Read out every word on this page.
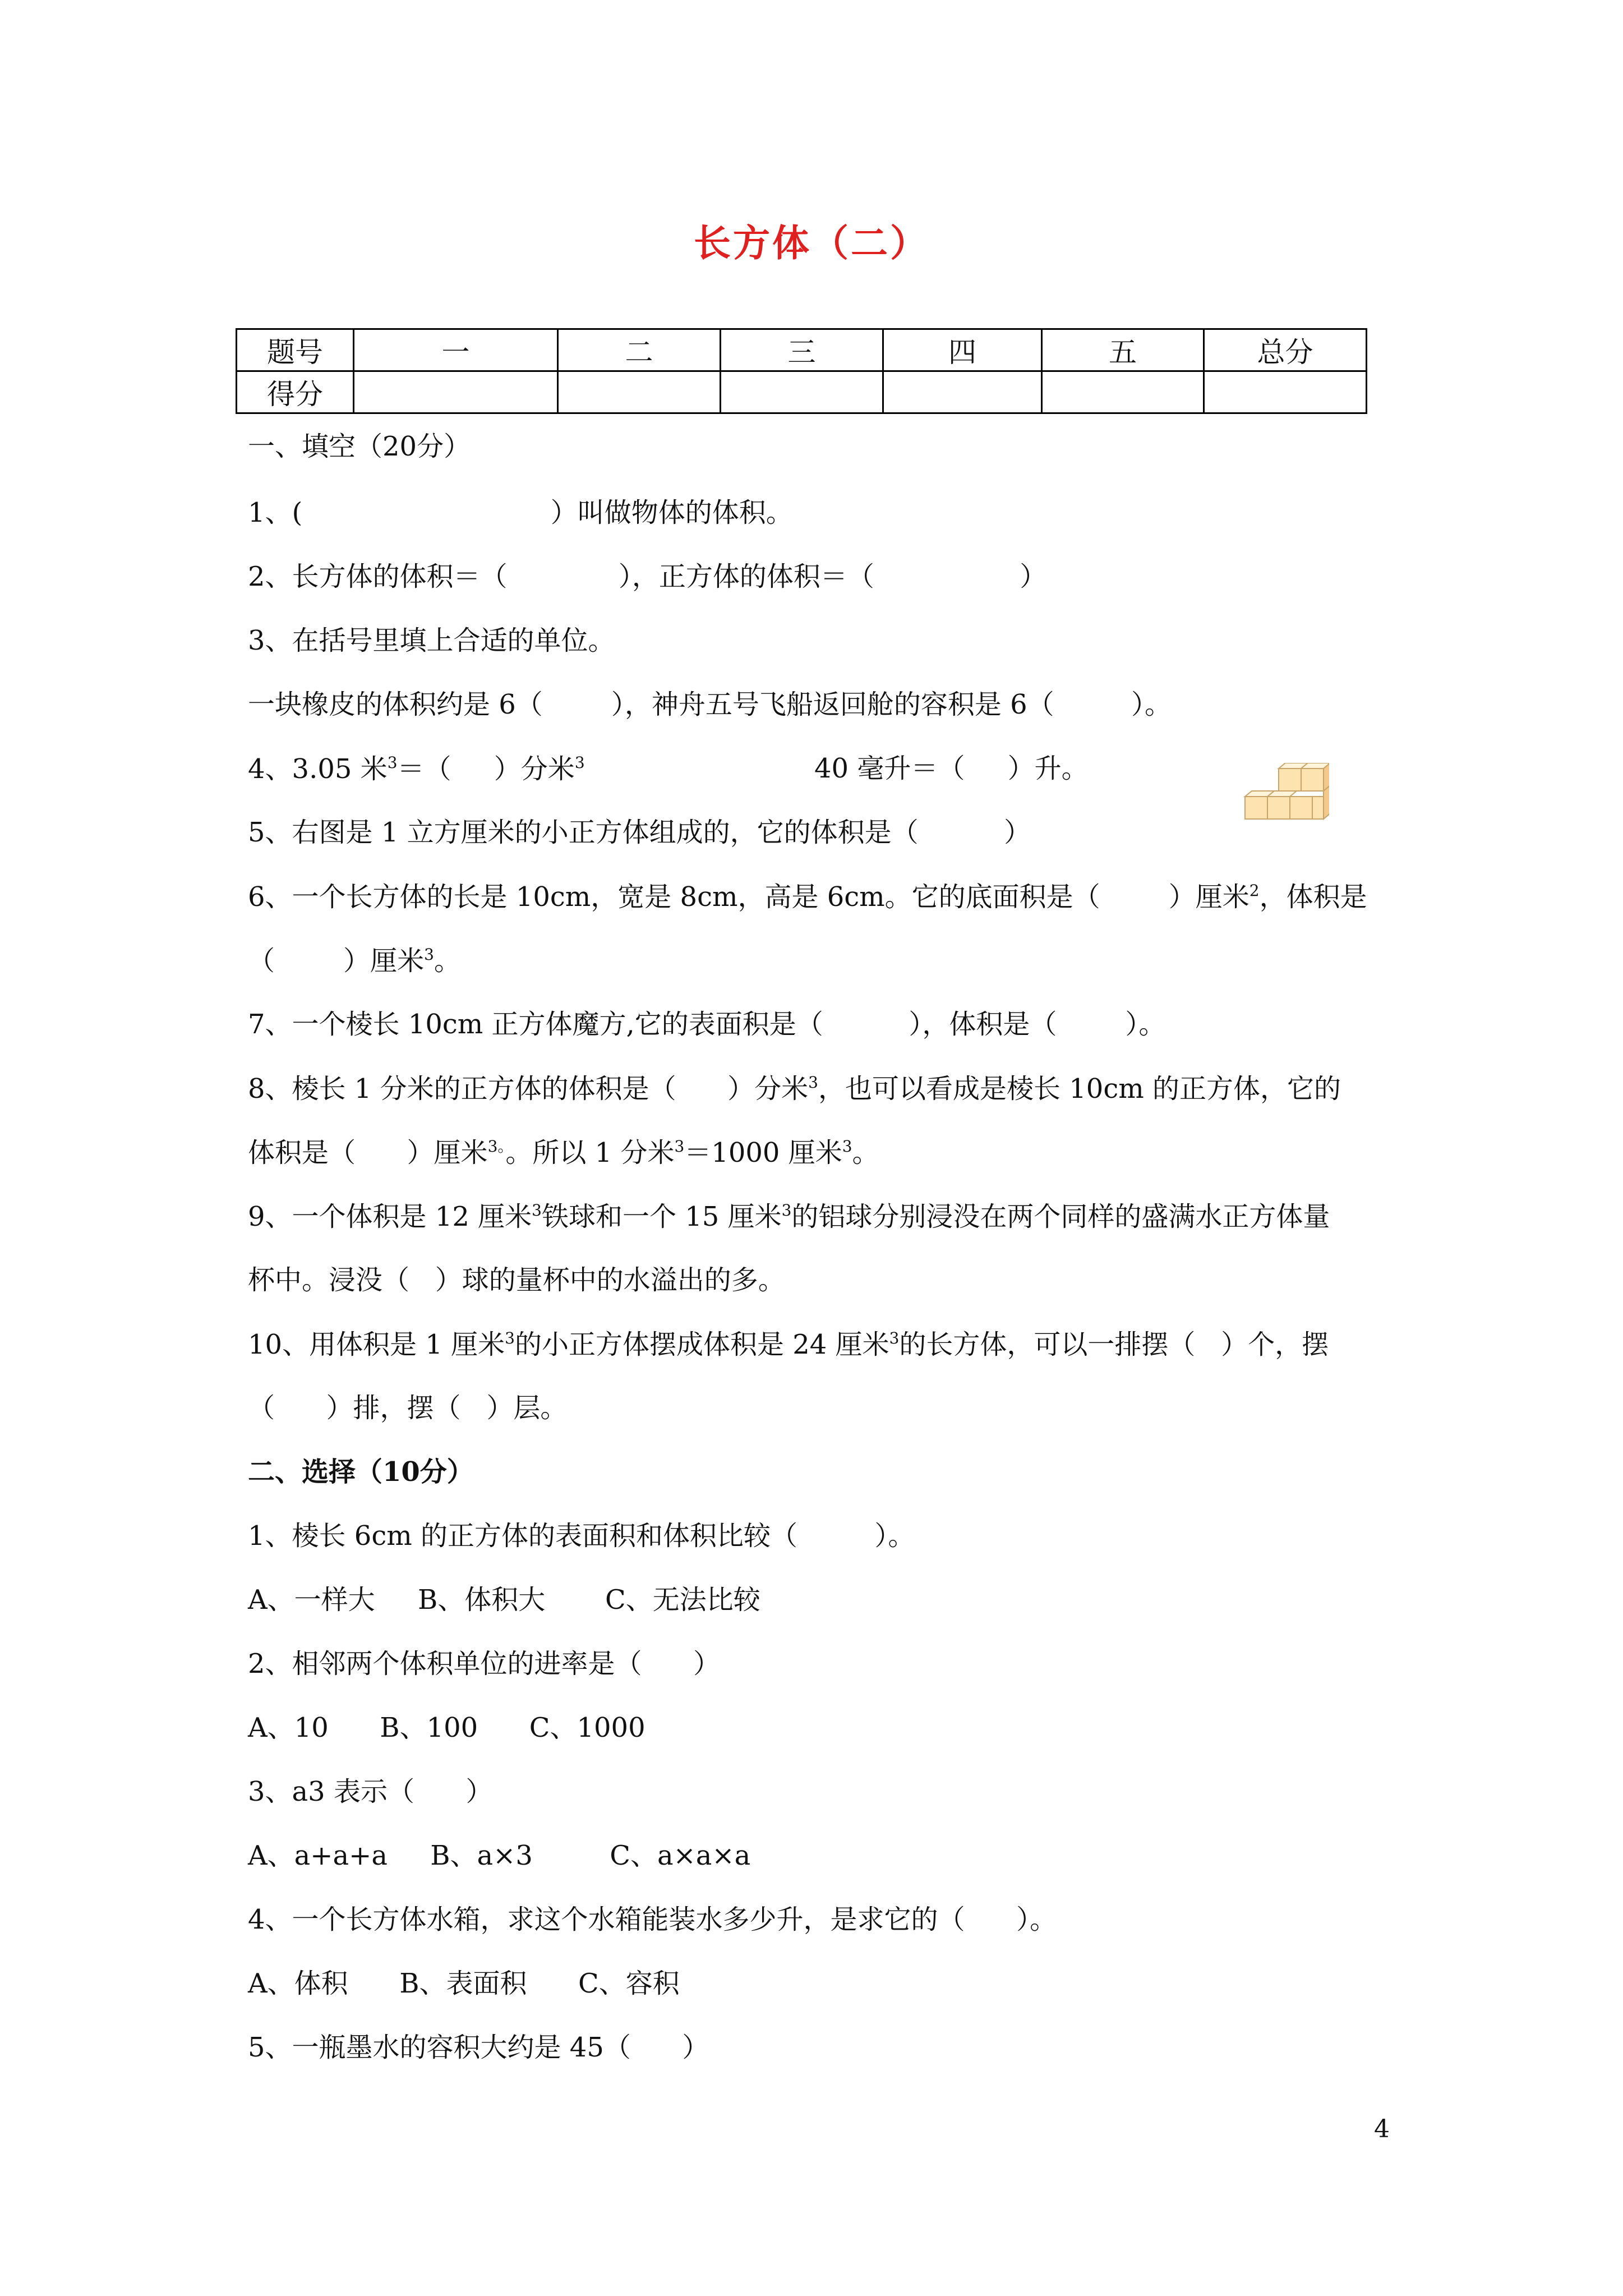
长方体（二）
题号	一	二	三	四	五	总分
得分						
一、填空（20分）
1、(                             ）叫做物体的体积。
2、长方体的体积＝（             ），正方体的体积＝（                 ）
3、在括号里填上合适的单位。
一块橡皮的体积约是 6（        ），神舟五号飞船返回舱的容积是 6（         ）。
4、3.05 米$^3$＝（     ）分米$^3$	40 毫升＝（     ）升。
5、右图是 1 立方厘米的小正方体组成的，它的体积是（          ）
6、一个长方体的长是 10cm，宽是 8cm，高是 6cm。它的底面积是（        ）厘米$^2$，体积是
（        ）厘米$^3$。
7、一个棱长 10cm 正方体魔方,它的表面积是（          ），体积是（        ）。
8、棱长 1 分米的正方体的体积是（      ）分米$^3$，也可以看成是棱长 10cm 的正方体，它的
体积是（      ）厘米$^{3。}$。所以 1 分米$^3$＝1000 厘米$^3$。
9、一个体积是 12 厘米$^3$铁球和一个 15 厘米$^3$的铝球分别浸没在两个同样的盛满水正方体量
杯中。浸没（   ）球的量杯中的水溢出的多。
10、用体积是 1 厘米$^3$的小正方体摆成体积是 24 厘米$^3$的长方体，可以一排摆（   ）个，摆
（      ）排，摆（   ）层。
二、选择（10分）
1、棱长 6cm 的正方体的表面积和体积比较（         ）。
A、一样大     B、体积大       C、无法比较
2、相邻两个体积单位的进率是（      ）
A、10      B、100      C、1000
3、a3 表示（      ）
A、a+a+a     B、a×3         C、a×a×a
4、一个长方体水箱，求这个水箱能装水多少升，是求它的（      ）。
A、体积      B、表面积      C、容积
5、一瓶墨水的容积大约是 45（      ）
4
